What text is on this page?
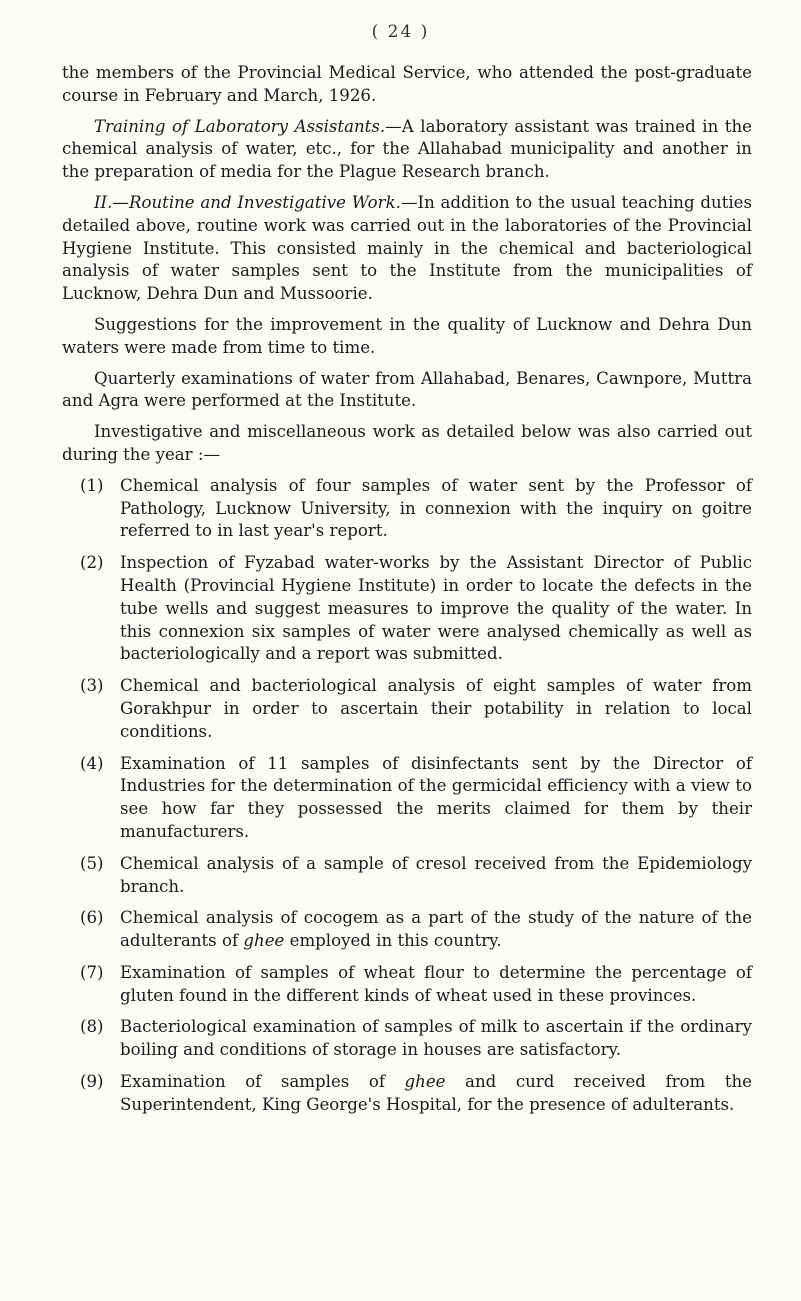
( 24 )

the members of the Provincial Medical Service, who attended the post-graduate course in February and March, 1926.

Training of Laboratory Assistants.—A laboratory assistant was trained in the chemical analysis of water, etc., for the Allahabad municipality and another in the preparation of media for the Plague Research branch.

II.—Routine and Investigative Work.—In addition to the usual teaching duties detailed above, routine work was carried out in the laboratories of the Provincial Hygiene Institute. This consisted mainly in the chemical and bacteriological analysis of water samples sent to the Institute from the municipalities of Lucknow, Dehra Dun and Mussoorie.

Suggestions for the improvement in the quality of Lucknow and Dehra Dun waters were made from time to time.

Quarterly examinations of water from Allahabad, Benares, Cawnpore, Muttra and Agra were performed at the Institute.

Investigative and miscellaneous work as detailed below was also carried out during the year :—

(1) Chemical analysis of four samples of water sent by the Professor of Pathology, Lucknow University, in connexion with the inquiry on goitre referred to in last year's report.
(2) Inspection of Fyzabad water-works by the Assistant Director of Public Health (Provincial Hygiene Institute) in order to locate the defects in the tube wells and suggest measures to improve the quality of the water. In this connexion six samples of water were analysed chemically as well as bacteriologically and a report was submitted.
(3) Chemical and bacteriological analysis of eight samples of water from Gorakhpur in order to ascertain their potability in relation to local conditions.
(4) Examination of 11 samples of disinfectants sent by the Director of Industries for the determination of the germicidal efficiency with a view to see how far they possessed the merits claimed for them by their manufacturers.
(5) Chemical analysis of a sample of cresol received from the Epidemiology branch.
(6) Chemical analysis of cocogem as a part of the study of the nature of the adulterants of ghee employed in this country.
(7) Examination of samples of wheat flour to determine the percentage of gluten found in the different kinds of wheat used in these provinces.
(8) Bacteriological examination of samples of milk to ascertain if the ordinary boiling and conditions of storage in houses are satisfactory.
(9) Examination of samples of ghee and curd received from the Superintendent, King George's Hospital, for the presence of adulterants.
